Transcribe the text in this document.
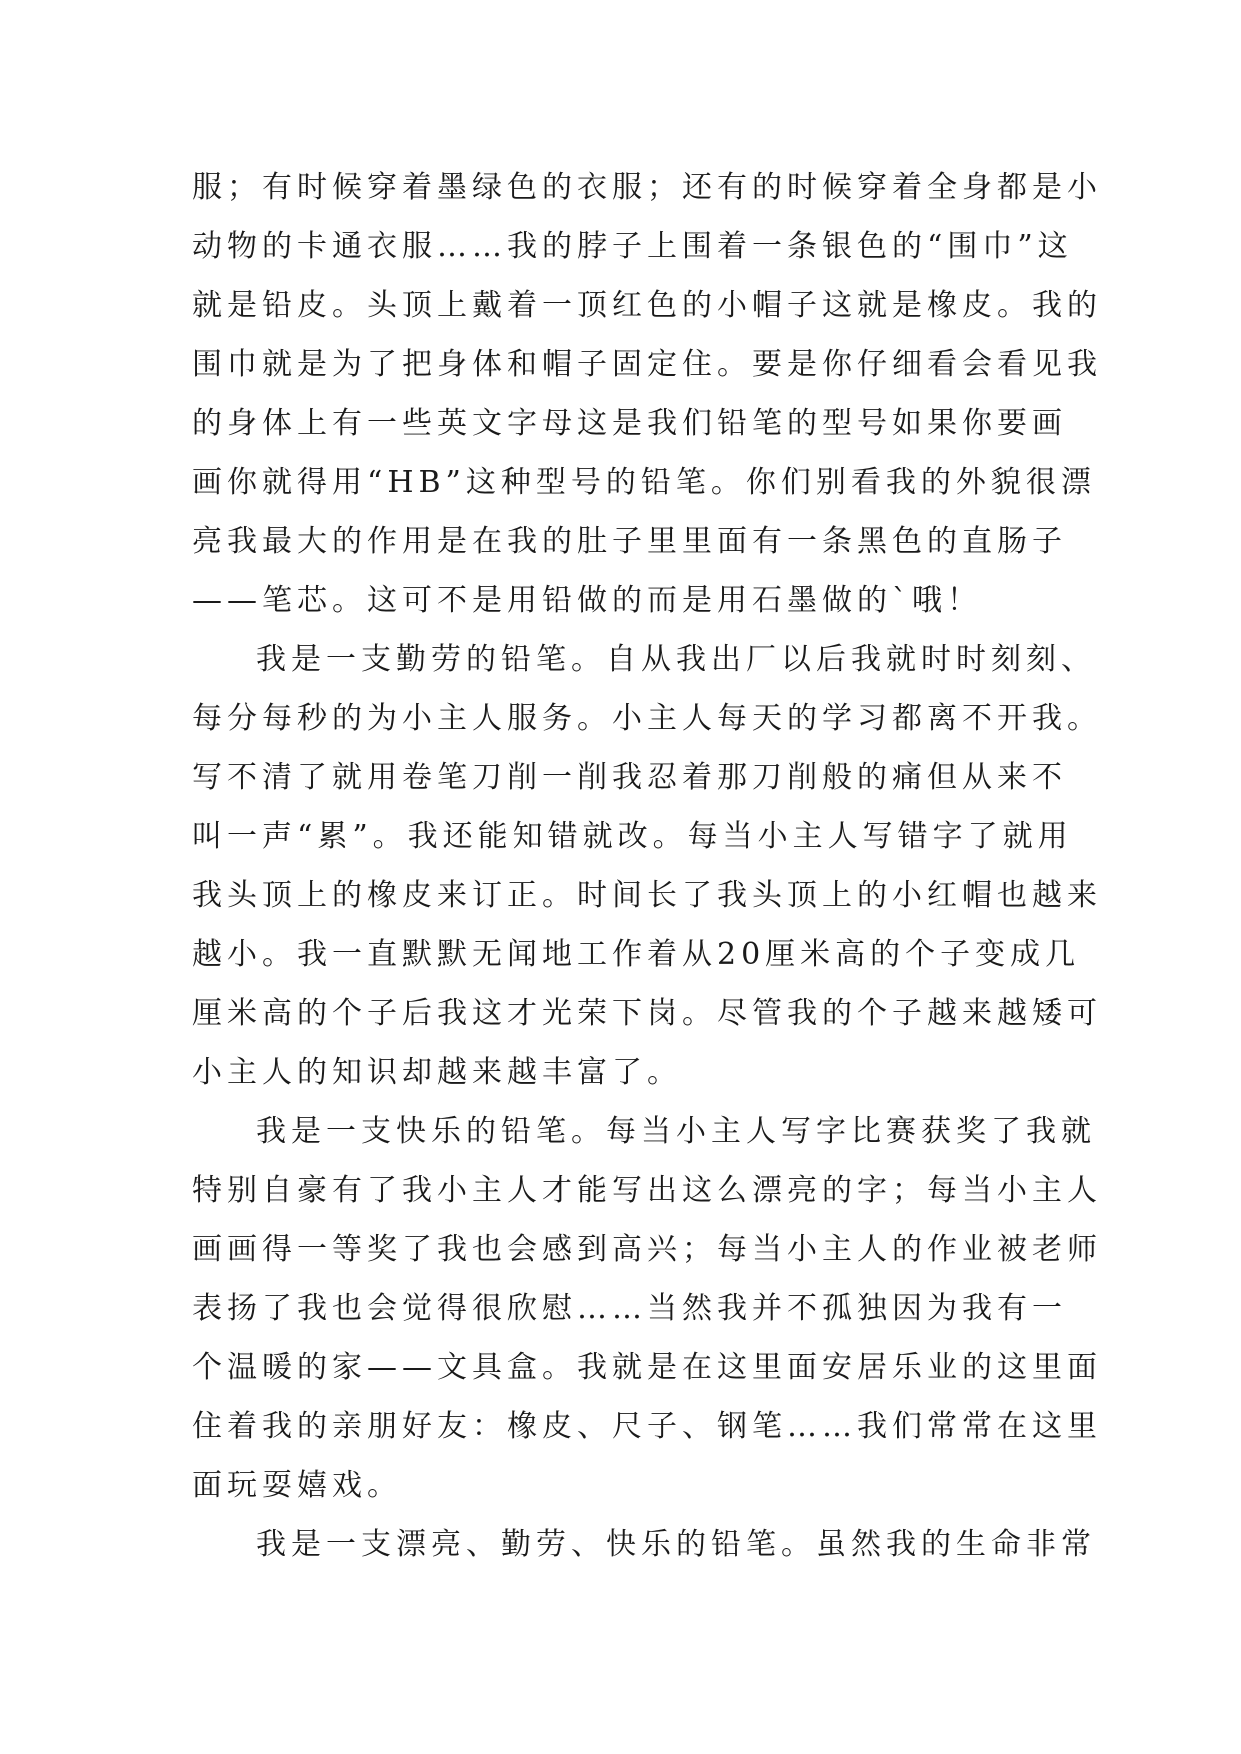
服；有时候穿着墨绿色的衣服；还有的时候穿着全身都是小
动物的卡通衣服……我的脖子上围着一条银色的“围巾”这
就是铅皮。头顶上戴着一顶红色的小帽子这就是橡皮。我的
围巾就是为了把身体和帽子固定住。要是你仔细看会看见我
的身体上有一些英文字母这是我们铅笔的型号如果你要画
画你就得用“HB”这种型号的铅笔。你们别看我的外貌很漂
亮我最大的作用是在我的肚子里里面有一条黑色的直肠子
——笔芯。这可不是用铅做的而是用石墨做的`哦！
我是一支勤劳的铅笔。自从我出厂以后我就时时刻刻、
每分每秒的为小主人服务。小主人每天的学习都离不开我。
写不清了就用卷笔刀削一削我忍着那刀削般的痛但从来不
叫一声“累”。我还能知错就改。每当小主人写错字了就用
我头顶上的橡皮来订正。时间长了我头顶上的小红帽也越来
越小。我一直默默无闻地工作着从20厘米高的个子变成几
厘米高的个子后我这才光荣下岗。尽管我的个子越来越矮可
小主人的知识却越来越丰富了。
我是一支快乐的铅笔。每当小主人写字比赛获奖了我就
特别自豪有了我小主人才能写出这么漂亮的字；每当小主人
画画得一等奖了我也会感到高兴；每当小主人的作业被老师
表扬了我也会觉得很欣慰……当然我并不孤独因为我有一
个温暖的家——文具盒。我就是在这里面安居乐业的这里面
住着我的亲朋好友：橡皮、尺子、钢笔……我们常常在这里
面玩耍嬉戏。
我是一支漂亮、勤劳、快乐的铅笔。虽然我的生命非常
